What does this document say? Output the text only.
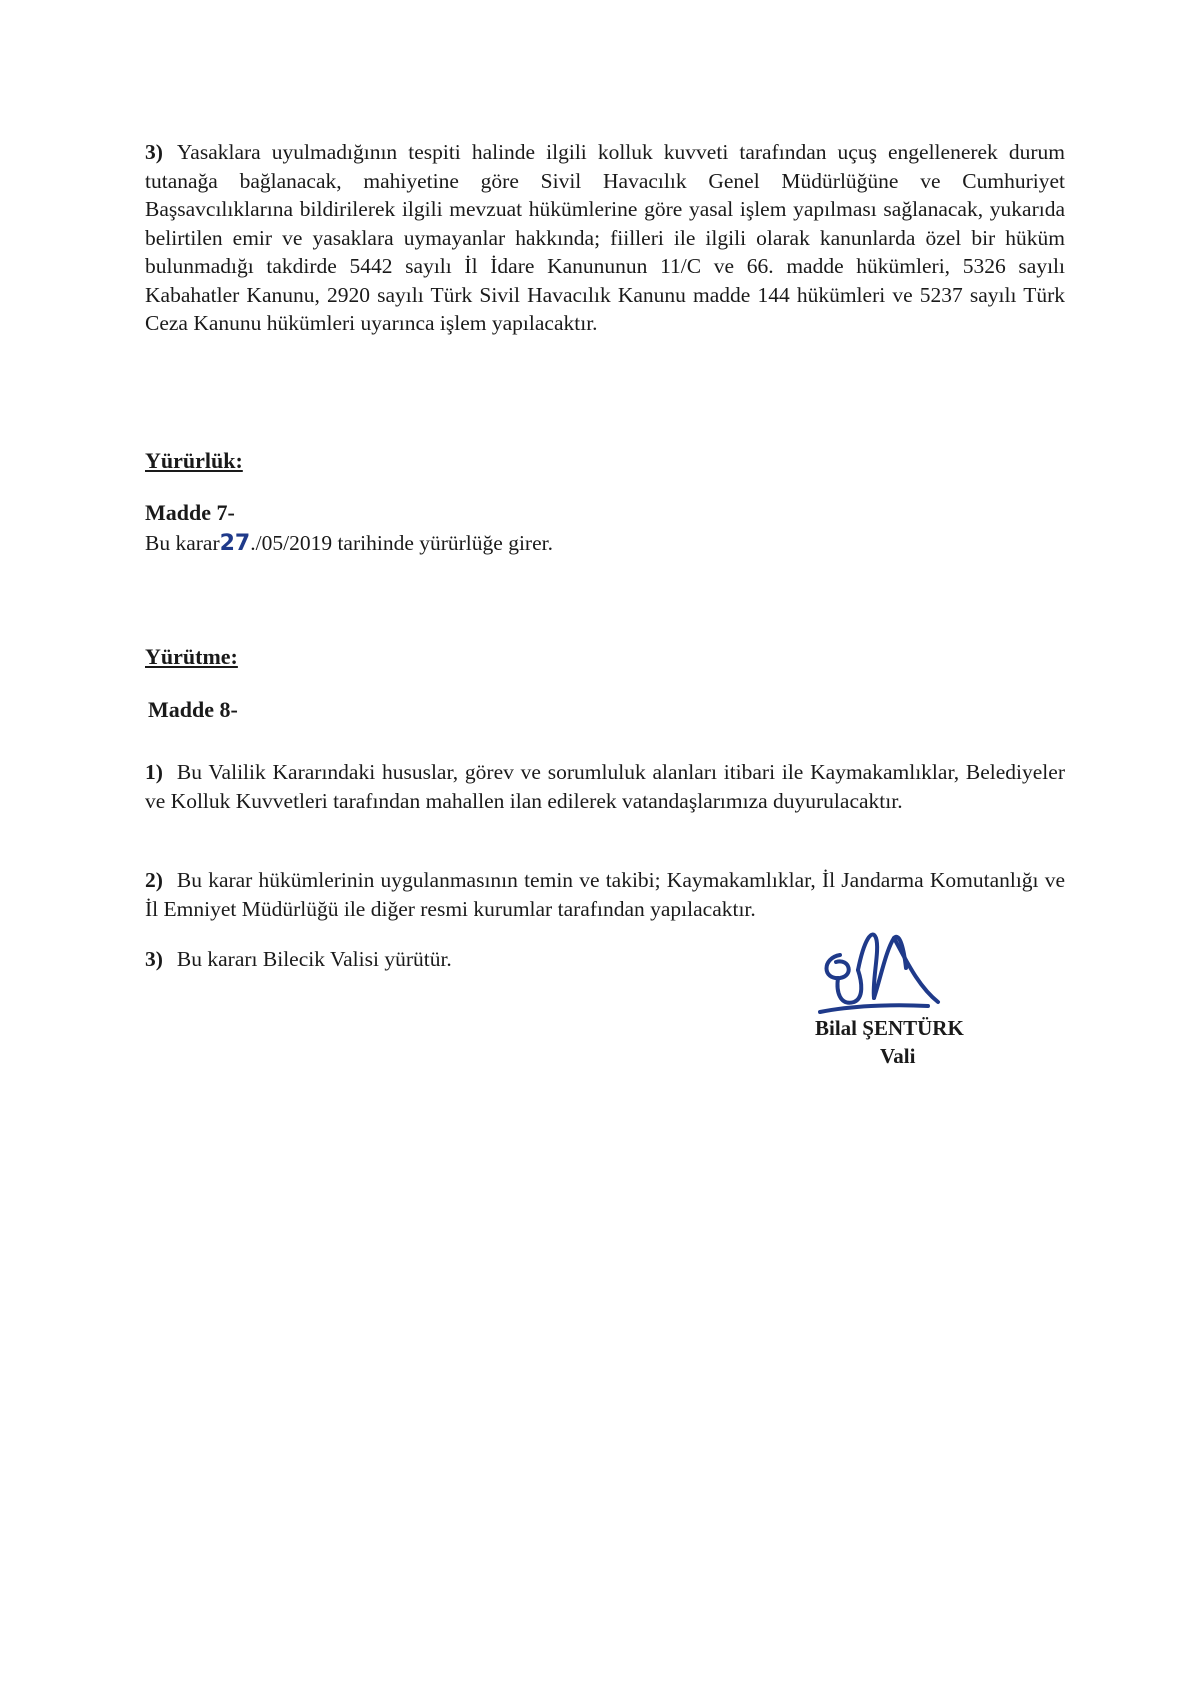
3) Yasaklara uyulmadığının tespiti halinde ilgili kolluk kuvveti tarafından uçuş engellenerek durum tutanağa bağlanacak, mahiyetine göre Sivil Havacılık Genel Müdürlüğüne ve Cumhuriyet Başsavcılıklarına bildirilerek ilgili mevzuat hükümlerine göre yasal işlem yapılması sağlanacak, yukarıda belirtilen emir ve yasaklara uymayanlar hakkında; fiilleri ile ilgili olarak kanunlarda özel bir hüküm bulunmadığı takdirde 5442 sayılı İl İdare Kanununun 11/C ve 66. madde hükümleri, 5326 sayılı Kabahatler Kanunu, 2920 sayılı Türk Sivil Havacılık Kanunu madde 144 hükümleri ve 5237 sayılı Türk Ceza Kanunu hükümleri uyarınca işlem yapılacaktır.

Yürürlük:

Madde 7-

Bu karar27./05/2019 tarihinde yürürlüğe girer.

Yürütme:

Madde 8-

1) Bu Valilik Kararındaki hususlar, görev ve sorumluluk alanları itibari ile Kaymakamlıklar, Belediyeler ve Kolluk Kuvvetleri tarafından mahallen ilan edilerek vatandaşlarımıza duyurulacaktır.

2) Bu karar hükümlerinin uygulanmasının temin ve takibi; Kaymakamlıklar, İl Jandarma Komutanlığı ve İl Emniyet Müdürlüğü ile diğer resmi kurumlar tarafından yapılacaktır.

3) Bu kararı Bilecik Valisi yürütür.

Bilal ŞENTÜRK

Vali
